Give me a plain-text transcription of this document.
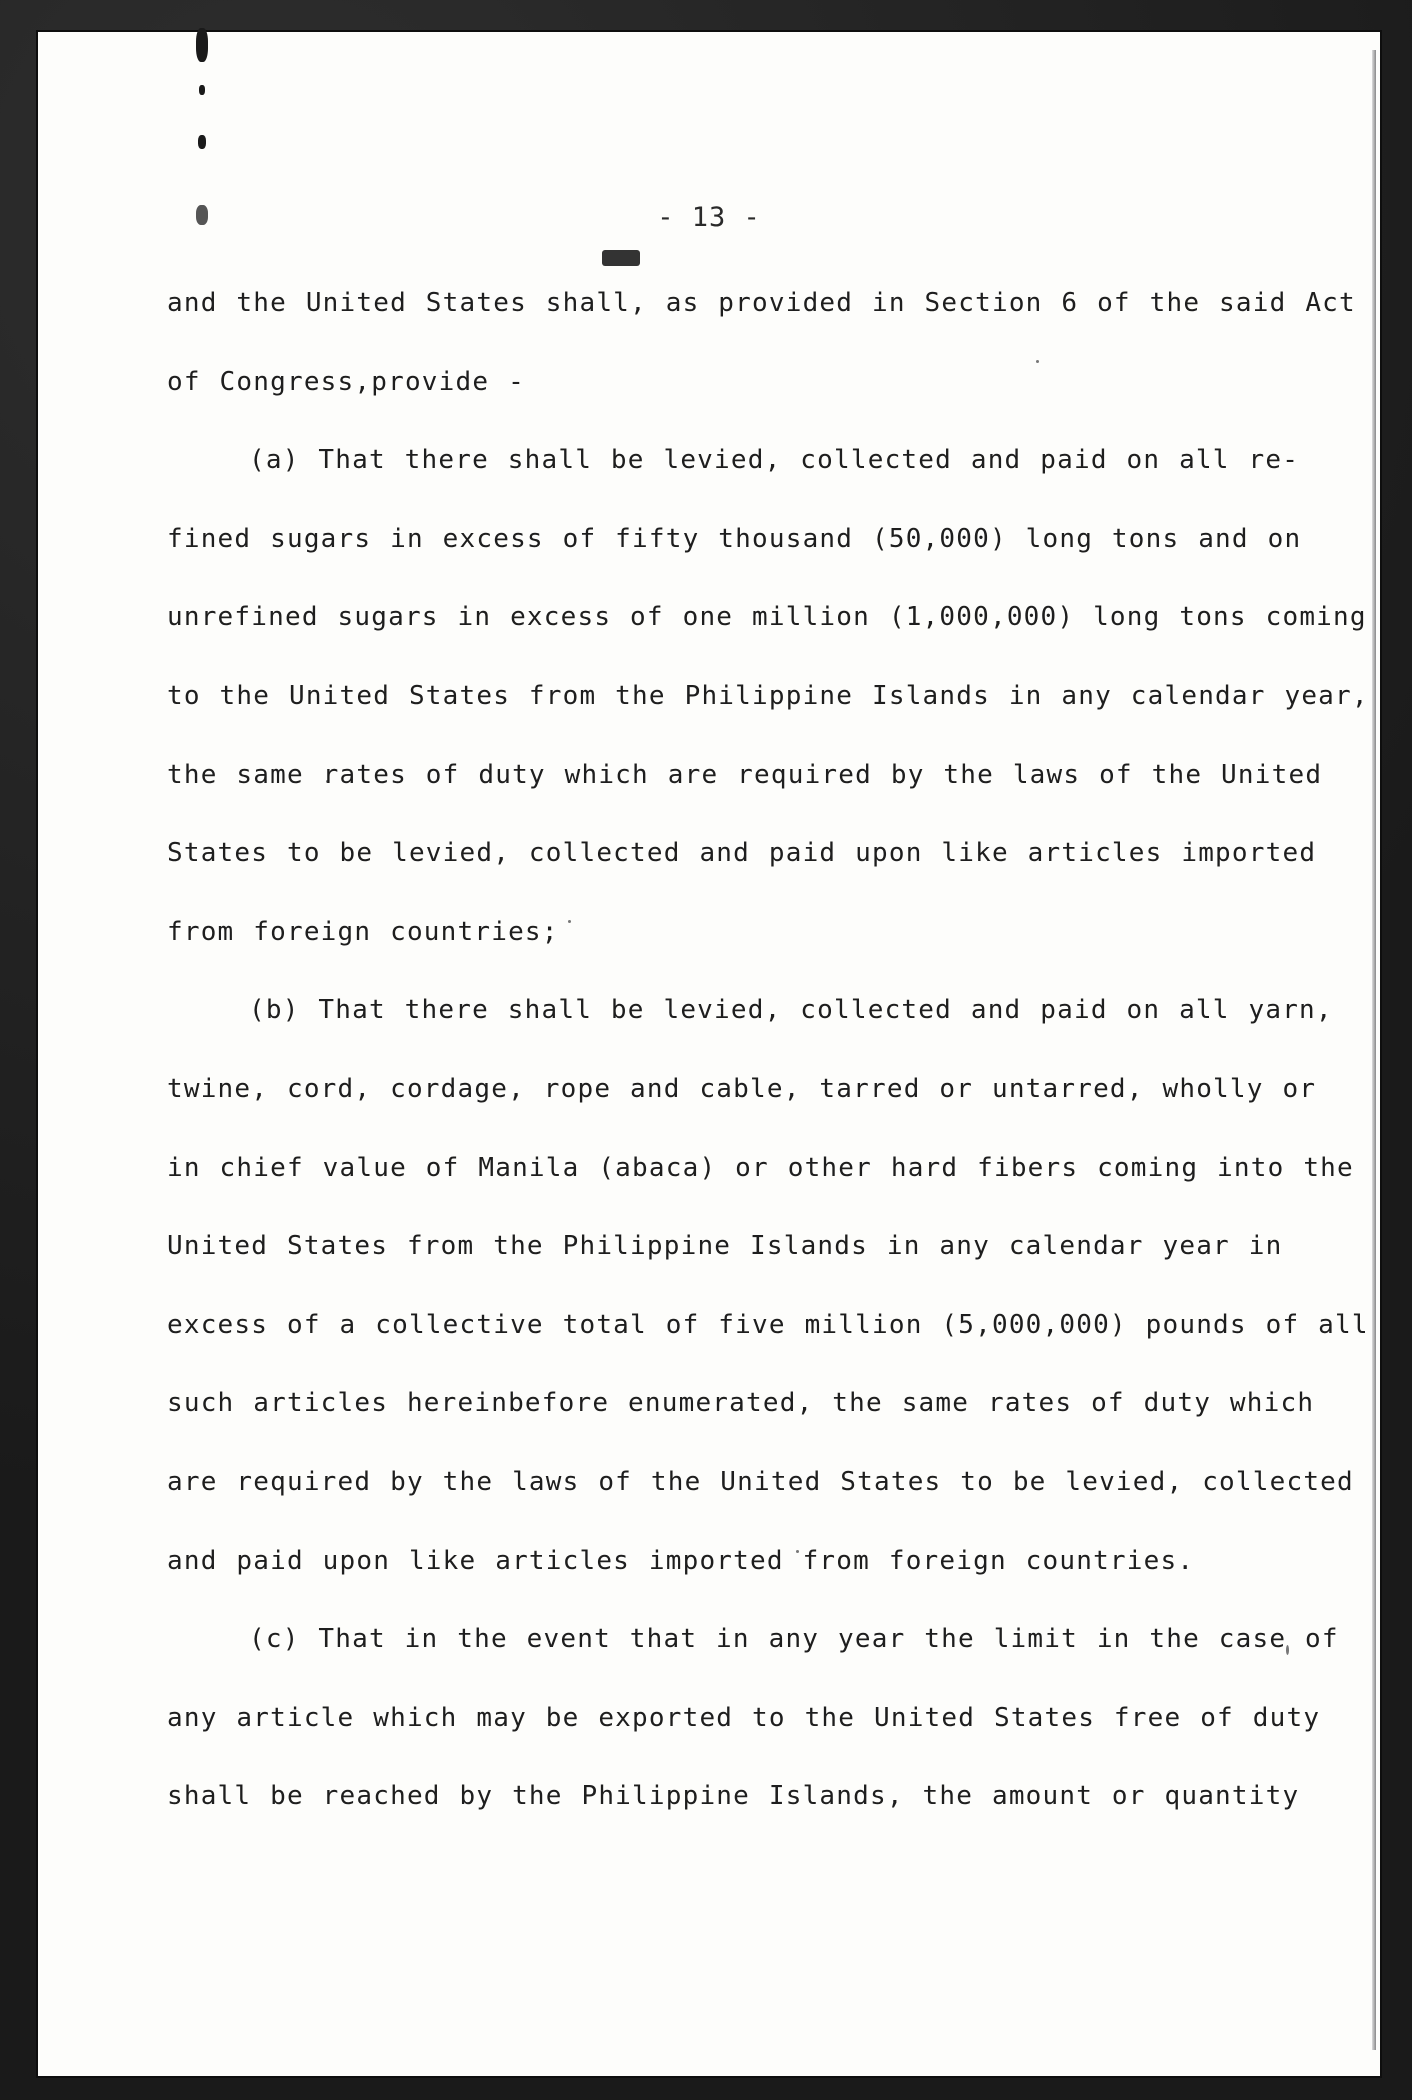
- 13 -
and the United States shall, as provided in Section 6 of the said Act
of Congress,provide -
(a) That there shall be levied, collected and paid on all re-
fined sugars in excess of fifty thousand (50,000) long tons and on
unrefined sugars in excess of one million (1,000,000) long tons coming
to the United States from the Philippine Islands in any calendar year,
the same rates of duty which are required by the laws of the United
States to be levied, collected and paid upon like articles imported
from foreign countries;
(b) That there shall be levied, collected and paid on all yarn,
twine, cord, cordage, rope and cable, tarred or untarred, wholly or
in chief value of Manila (abaca) or other hard fibers coming into the
United States from the Philippine Islands in any calendar year in
excess of a collective total of five million (5,000,000) pounds of all
such articles hereinbefore enumerated, the same rates of duty which
are required by the laws of the United States to be levied, collected
and paid upon like articles imported from foreign countries.
(c) That in the event that in any year the limit in the case of
any article which may be exported to the United States free of duty
shall be reached by the Philippine Islands, the amount or quantity
